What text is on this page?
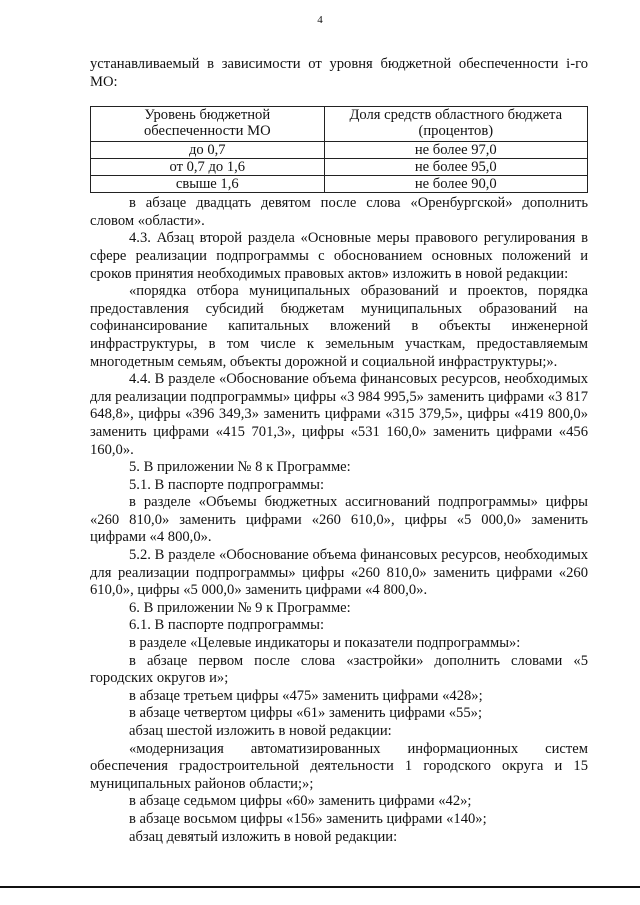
4

устанавливаемый в зависимости от уровня бюджетной обеспеченности i-го МО:

Уровень бюджетной обеспеченности МО	Доля средств областного бюджета (процентов)
до 0,7	не более 97,0
от 0,7 до 1,6	не более 95,0
свыше 1,6	не более 90,0

в абзаце двадцать девятом после слова «Оренбургской» дополнить словом «области».

4.3. Абзац второй раздела «Основные меры правового регулирования в сфере реализации подпрограммы с обоснованием основных положений и сроков принятия необходимых правовых актов» изложить в новой редакции:

«порядка отбора муниципальных образований и проектов, порядка предоставления субсидий бюджетам муниципальных образований на софинансирование капитальных вложений в объекты инженерной инфраструктуры, в том числе к земельным участкам, предоставляемым многодетным семьям, объекты дорожной и социальной инфраструктуры;».

4.4. В разделе «Обоснование объема финансовых ресурсов, необходимых для реализации подпрограммы» цифры «3 984 995,5» заменить цифрами «3 817 648,8», цифры «396 349,3» заменить цифрами «315 379,5», цифры «419 800,0» заменить цифрами «415 701,3», цифры «531 160,0» заменить цифрами «456 160,0».

5. В приложении № 8 к Программе:

5.1. В паспорте подпрограммы:

в разделе «Объемы бюджетных ассигнований подпрограммы» цифры «260 810,0» заменить цифрами «260 610,0», цифры «5 000,0» заменить цифрами «4 800,0».

5.2. В разделе «Обоснование объема финансовых ресурсов, необходимых для реализации подпрограммы» цифры «260 810,0» заменить цифрами «260 610,0», цифры «5 000,0» заменить цифрами «4 800,0».

6. В приложении № 9 к Программе:

6.1. В паспорте подпрограммы:

в разделе «Целевые индикаторы и показатели подпрограммы»:

в абзаце первом после слова «застройки» дополнить словами «5 городских округов и»;

в абзаце третьем цифры «475» заменить цифрами «428»;

в абзаце четвертом цифры «61» заменить цифрами «55»;

абзац шестой изложить в новой редакции:

«модернизация автоматизированных информационных систем обеспечения градостроительной деятельности 1 городского округа и 15 муниципальных районов области;»;

в абзаце седьмом цифры «60» заменить цифрами «42»;

в абзаце восьмом цифры «156» заменить цифрами «140»;

абзац девятый изложить в новой редакции:
